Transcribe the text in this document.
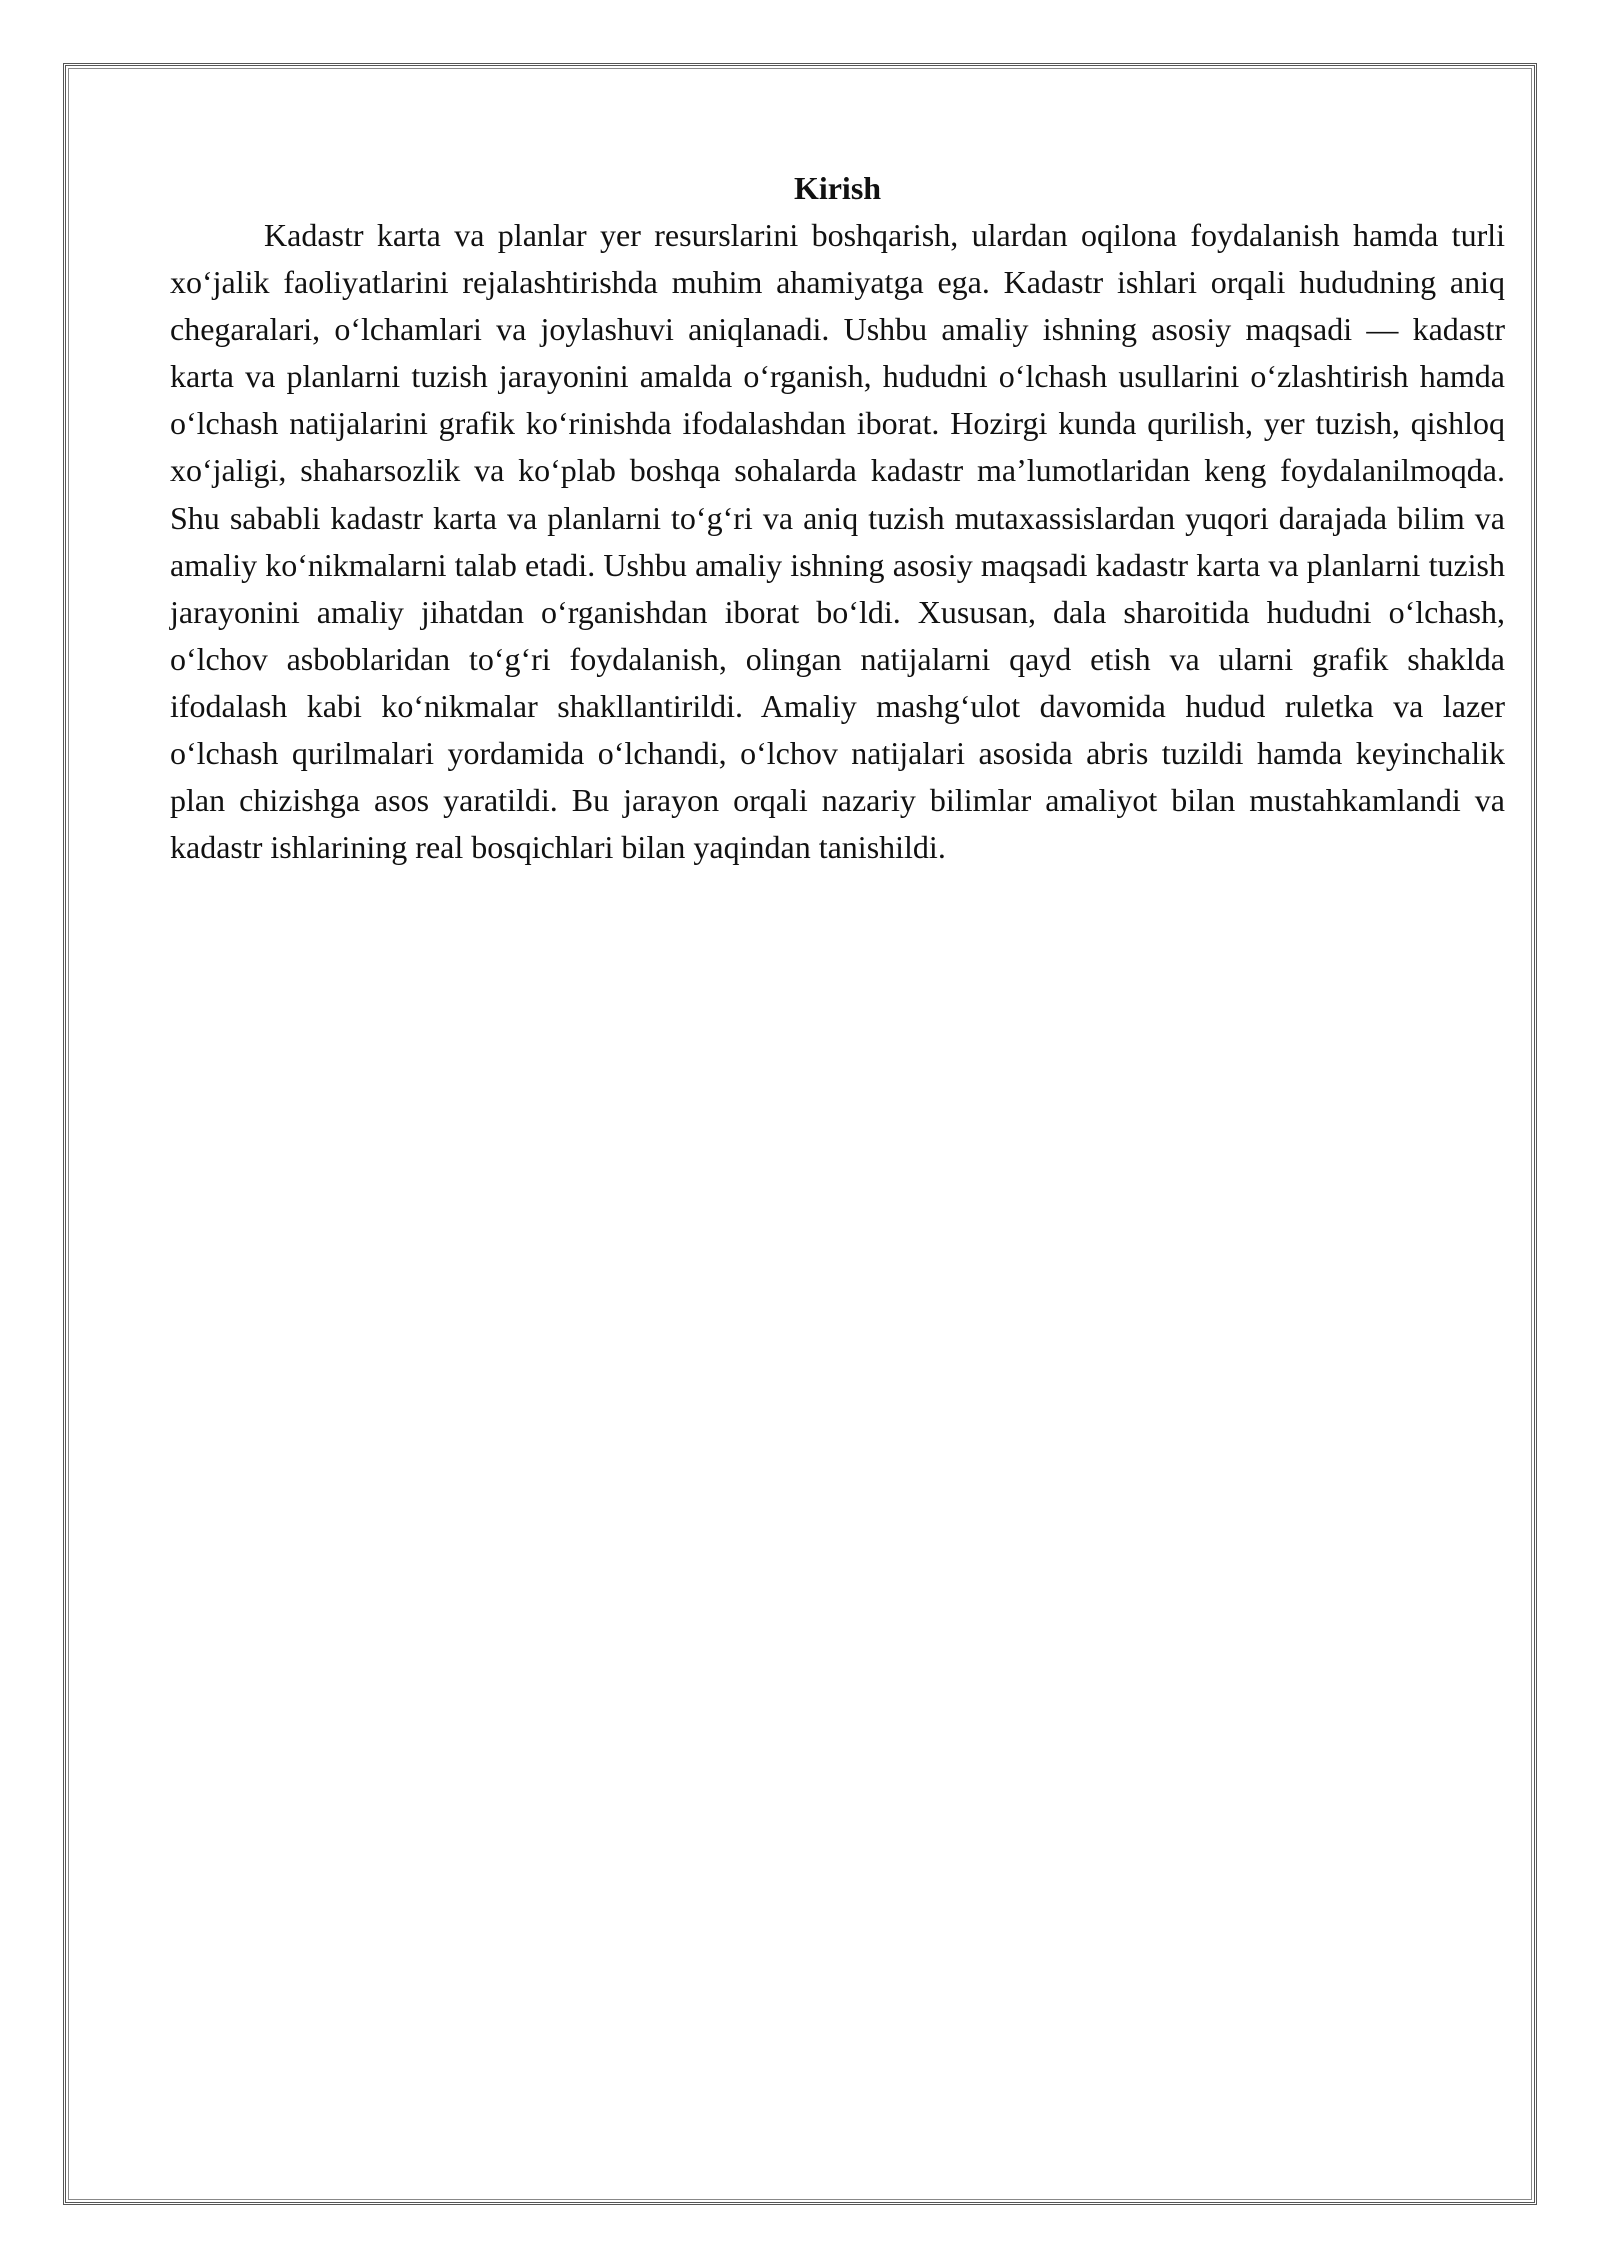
Kirish

Kadastr karta va planlar yer resurslarini boshqarish, ulardan oqilona foydalanish hamda turli xo‘jalik faoliyatlarini rejalashtirishda muhim ahamiyatga ega. Kadastr ishlari orqali hududning aniq chegaralari, o‘lchamlari va joylashuvi aniqlanadi. Ushbu amaliy ishning asosiy maqsadi — kadastr karta va planlarni tuzish jarayonini amalda o‘rganish, hududni o‘lchash usullarini o‘zlashtirish hamda o‘lchash natijalarini grafik ko‘rinishda ifodalashdan iborat. Hozirgi kunda qurilish, yer tuzish, qishloq xo‘jaligi, shaharsozlik va ko‘plab boshqa sohalarda kadastr ma’lumotlaridan keng foydalanilmoqda. Shu sababli kadastr karta va planlarni to‘g‘ri va aniq tuzish mutaxassislardan yuqori darajada bilim va amaliy ko‘nikmalarni talab etadi. Ushbu amaliy ishning asosiy maqsadi kadastr karta va planlarni tuzish jarayonini amaliy jihatdan o‘rganishdan iborat bo‘ldi. Xususan, dala sharoitida hududni o‘lchash, o‘lchov asboblaridan to‘g‘ri foydalanish, olingan natijalarni qayd etish va ularni grafik shaklda ifodalash kabi ko‘nikmalar shakllantirildi. Amaliy mashg‘ulot davomida hudud ruletka va lazer o‘lchash qurilmalari yordamida o‘lchandi, o‘lchov natijalari asosida abris tuzildi hamda keyinchalik plan chizishga asos yaratildi. Bu jarayon orqali nazariy bilimlar amaliyot bilan mustahkamlandi va kadastr ishlarining real bosqichlari bilan yaqindan tanishildi.
